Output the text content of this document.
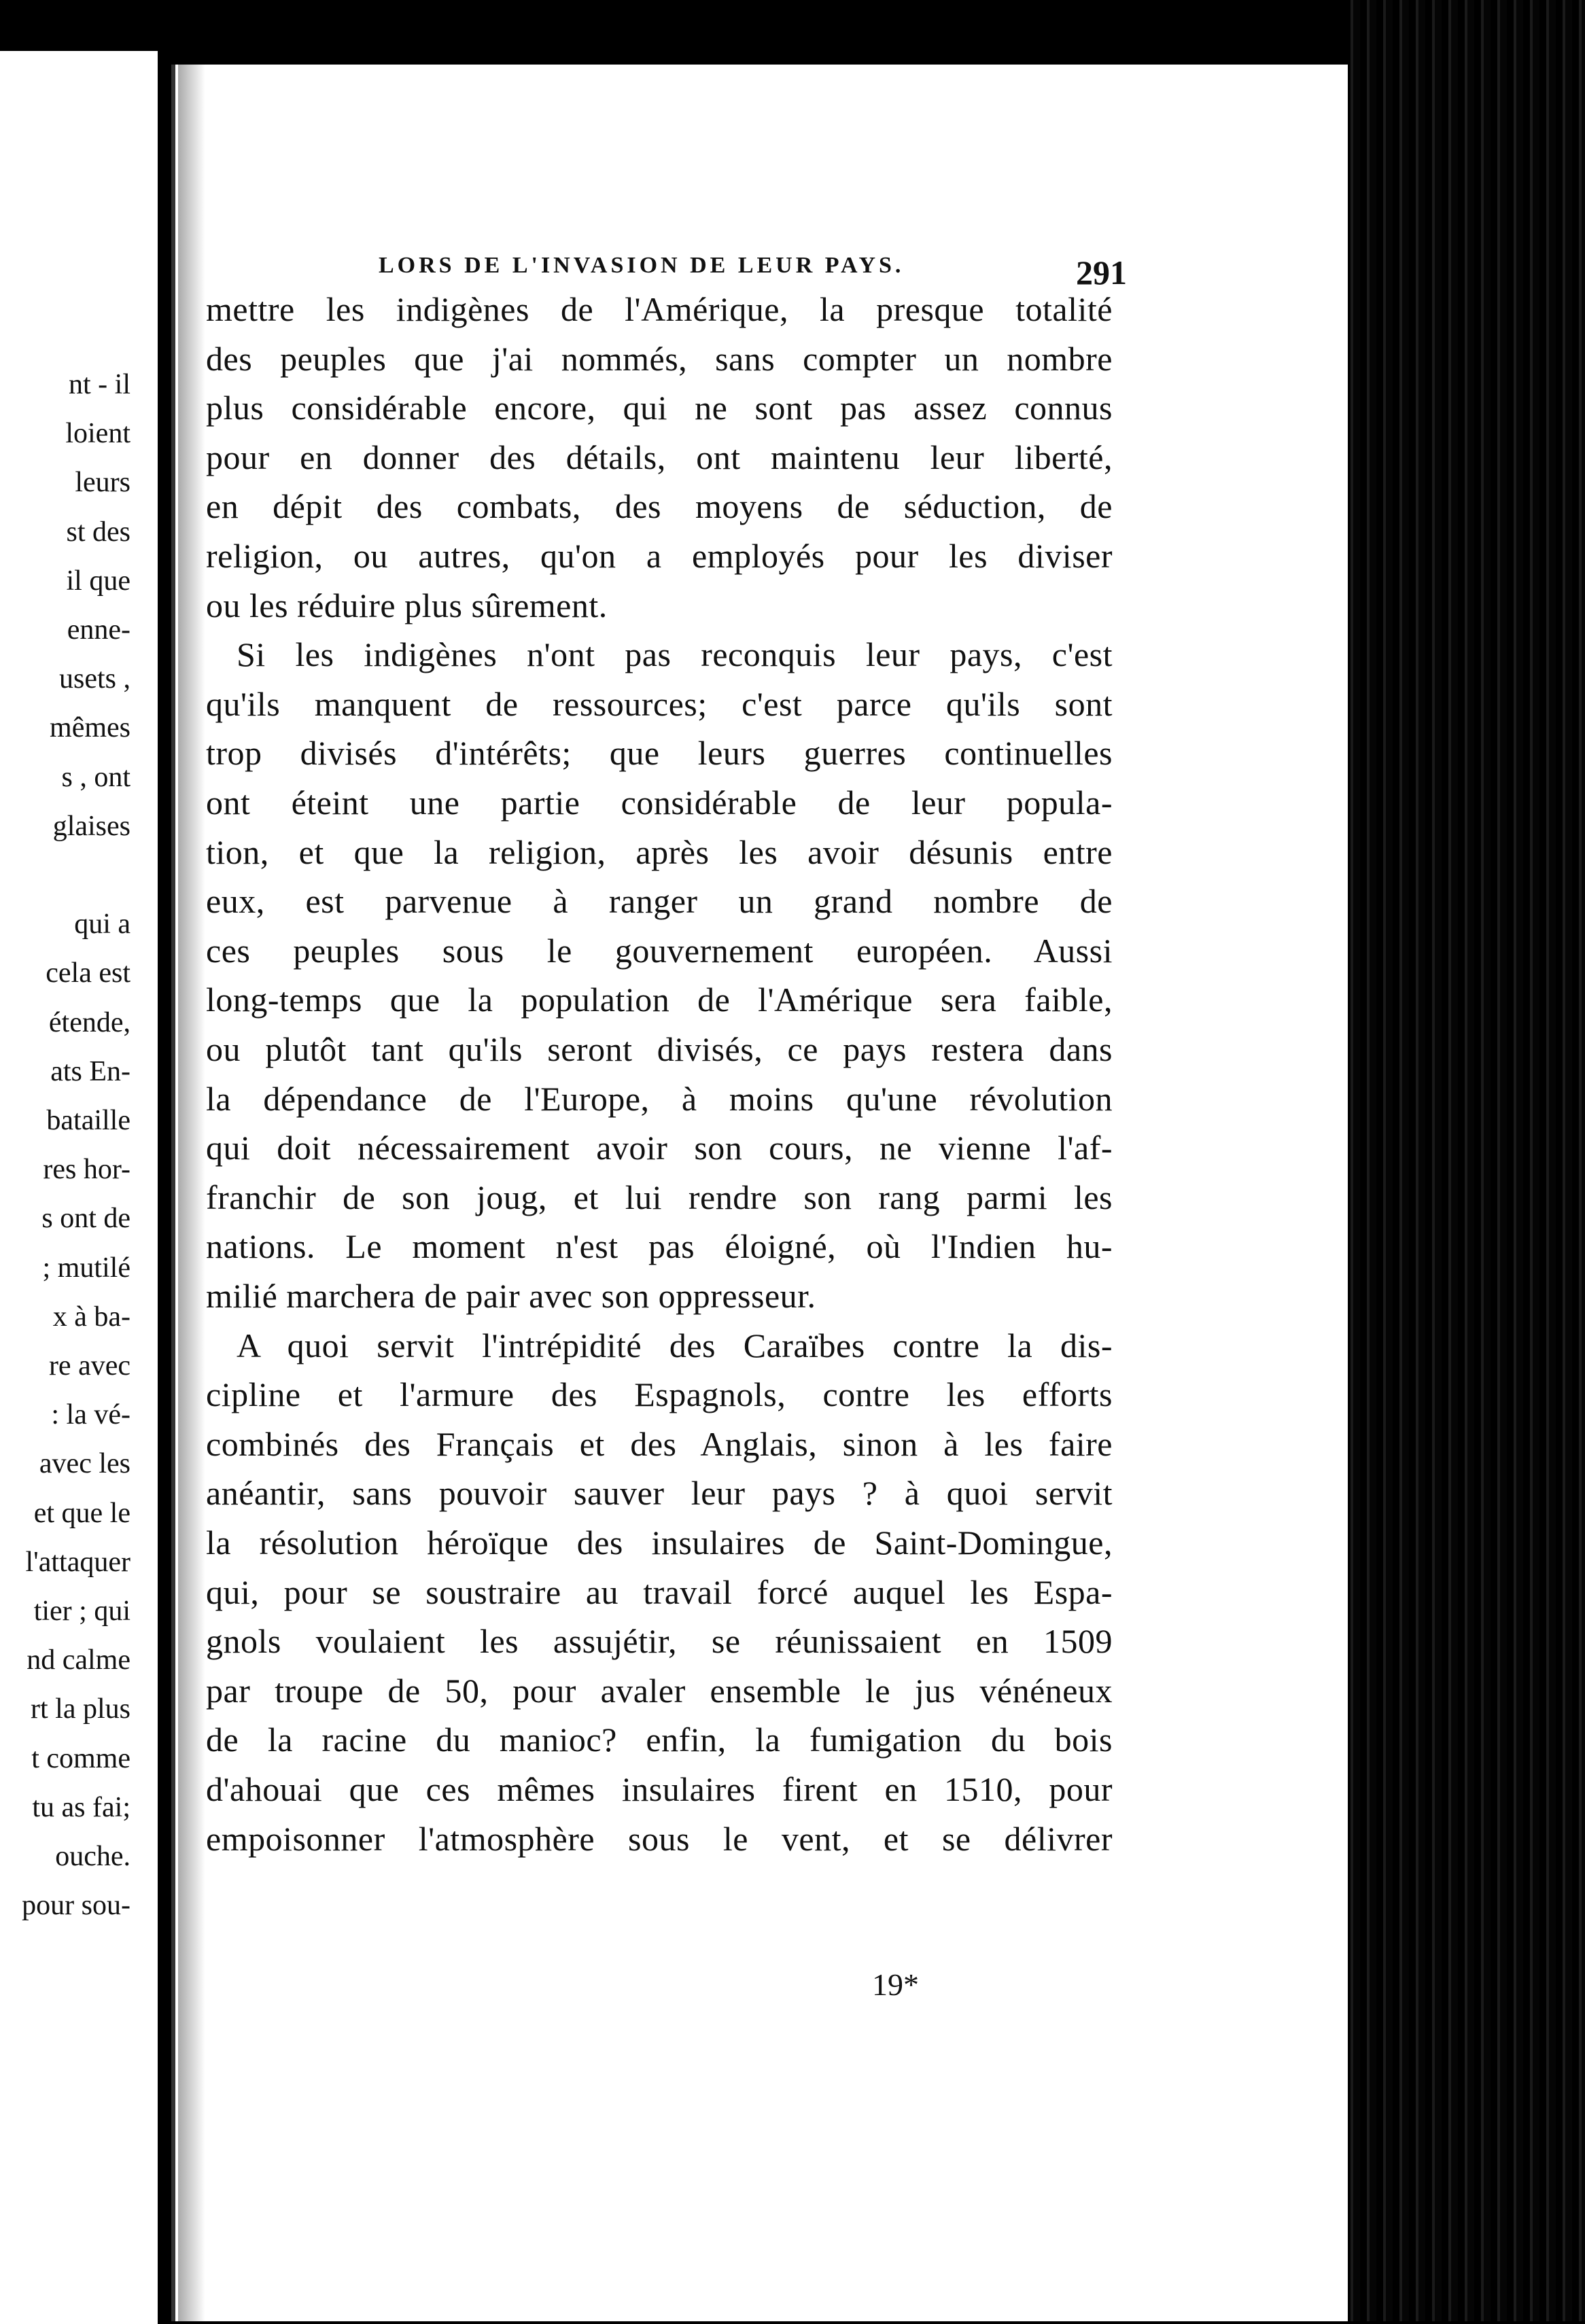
nt - il
loient
leurs
st des
il que
enne-
usets ,
mêmes
s , ont
glaises
qui a
cela est
étende,
ats En-
bataille
res hor-
s ont de
; mutilé
x à ba-
re avec
: la vé-
avec les
et que le
l'attaquer
tier ; qui
nd calme
rt la plus
t comme
tu as fai;
ouche.
pour sou-
LORS DE L'INVASION DE LEUR PAYS.	291
mettre les indigènes de l'Amérique, la presque totalité
des peuples que j'ai nommés, sans compter un nombre
plus considérable encore, qui ne sont pas assez connus
pour en donner des détails, ont maintenu leur liberté,
en dépit des combats, des moyens de séduction, de
religion, ou autres, qu'on a employés pour les diviser
ou les réduire plus sûrement.
Si les indigènes n'ont pas reconquis leur pays, c'est
qu'ils manquent de ressources; c'est parce qu'ils sont
trop divisés d'intérêts; que leurs guerres continuelles
ont éteint une partie considérable de leur popula-
tion, et que la religion, après les avoir désunis entre
eux, est parvenue à ranger un grand nombre de
ces peuples sous le gouvernement européen. Aussi
long-temps que la population de l'Amérique sera faible,
ou plutôt tant qu'ils seront divisés, ce pays restera dans
la dépendance de l'Europe, à moins qu'une révolution
qui doit nécessairement avoir son cours, ne vienne l'af-
franchir de son joug, et lui rendre son rang parmi les
nations. Le moment n'est pas éloigné, où l'Indien hu-
milié marchera de pair avec son oppresseur.
A quoi servit l'intrépidité des Caraïbes contre la dis-
cipline et l'armure des Espagnols, contre les efforts
combinés des Français et des Anglais, sinon à les faire
anéantir, sans pouvoir sauver leur pays ? à quoi servit
la résolution héroïque des insulaires de Saint-Domingue,
qui, pour se soustraire au travail forcé auquel les Espa-
gnols voulaient les assujétir, se réunissaient en 1509
par troupe de 50, pour avaler ensemble le jus vénéneux
de la racine du manioc? enfin, la fumigation du bois
d'ahouai que ces mêmes insulaires firent en 1510, pour
empoisonner l'atmosphère sous le vent, et se délivrer
19*
